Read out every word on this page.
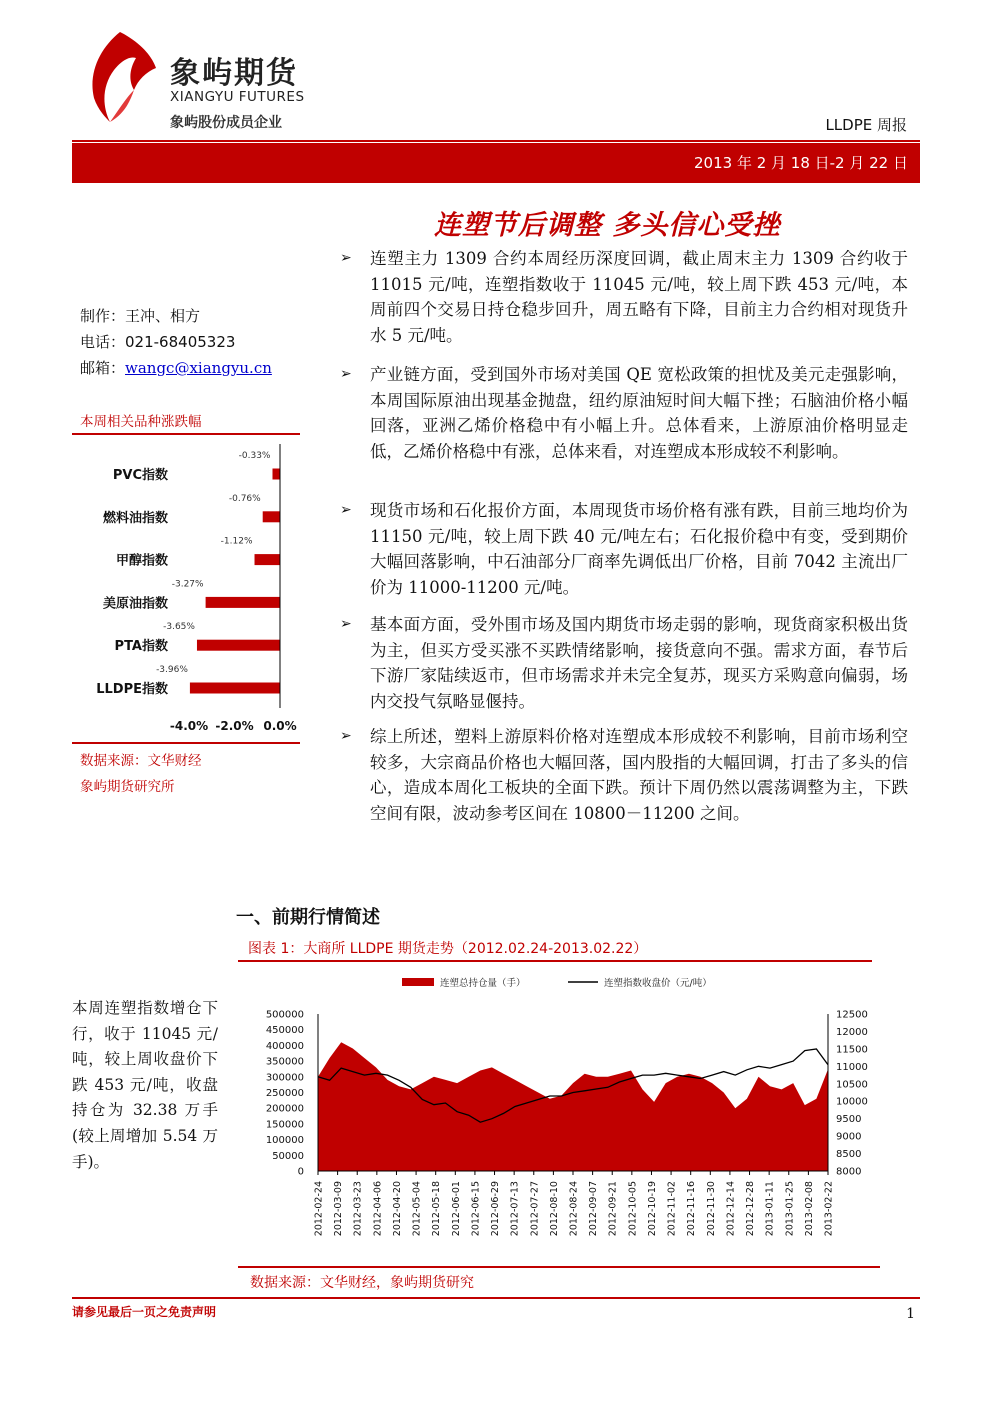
象屿期货
XIANGYU FUTURES
象屿股份成员企业	LLDPE 周报
2013 年 2 月 18 日-2 月 22 日
连塑节后调整 多头信心受挫
➢ 连塑主力 1309 合约本周经历深度回调，截止周末主力 1309 合约收于 11015 元/吨，连塑指数收于 11045 元/吨，较上周下跌 453 元/吨，本周前四个交易日持仓稳步回升，周五略有下降，目前主力合约相对现货升水 5 元/吨。
➢ 产业链方面，受到国外市场对美国 QE 宽松政策的担忧及美元走强影响，本周国际原油出现基金抛盘，纽约原油短时间大幅下挫；石脑油价格小幅回落，亚洲乙烯价格稳中有小幅上升。总体看来，上游原油价格明显走低，乙烯价格稳中有涨，总体来看，对连塑成本形成较不利影响。
➢ 现货市场和石化报价方面，本周现货市场价格有涨有跌，目前三地均价为 11150 元/吨，较上周下跌 40 元/吨左右；石化报价稳中有变，受到期价大幅回落影响，中石油部分厂商率先调低出厂价格，目前 7042 主流出厂价为 11000-11200 元/吨。
➢ 基本面方面，受外围市场及国内期货市场走弱的影响，现货商家积极出货为主，但买方受买涨不买跌情绪影响，接货意向不强。需求方面，春节后下游厂家陆续返市，但市场需求并未完全复苏，现买方采购意向偏弱，场内交投气氛略显偃持。
➢ 综上所述，塑料上游原料价格对连塑成本形成较不利影响，目前市场利空较多，大宗商品价格也大幅回落，国内股指的大幅回调，打击了多头的信心，造成本周化工板块的全面下跌。预计下周仍然以震荡调整为主，下跌空间有限，波动参考区间在 10800－11200 之间。
制作：王冲、相方
电话：021-68405323
邮箱：wangc@xiangyu.cn
本周相关品种涨跌幅
-0.33%
PVC指数
-0.76%
燃料油指数
-1.12%
甲醇指数
-3.27%
美原油指数
-3.65%
PTA指数
-3.96%
LLDPE指数
-4.0% -2.0% 0.0%
数据来源：文华财经
象屿期货研究所
一、前期行情简述
图表 1：大商所 LLDPE 期货走势（2012.02.24-2013.02.22）
连塑总持仓量（手）	连塑指数收盘价（元/吨）
500000
450000
400000
350000
300000
250000
200000
150000
100000
50000
0
12500
12000
11500
11000
10500
10000
9500
9000
8500
8000
2012-02-24 2012-03-09 2012-03-23 2012-04-06 2012-04-20 2012-05-04 2012-05-18 2012-06-01 2012-06-15 2012-06-29 2012-07-13 2012-07-27 2012-08-10 2012-08-24 2012-09-07 2012-09-21 2012-10-05 2012-10-19 2012-11-02 2012-11-16 2012-11-30 2012-12-14 2012-12-28 2013-01-11 2013-01-25 2013-02-08 2013-02-22
数据来源：文华财经，象屿期货研究
本周连塑指数增仓下行，收于 11045 元/吨，较上周收盘价下跌 453 元/吨，收盘持仓为 32.38 万手(较上周增加 5.54 万手)。
请参见最后一页之免责声明	1
